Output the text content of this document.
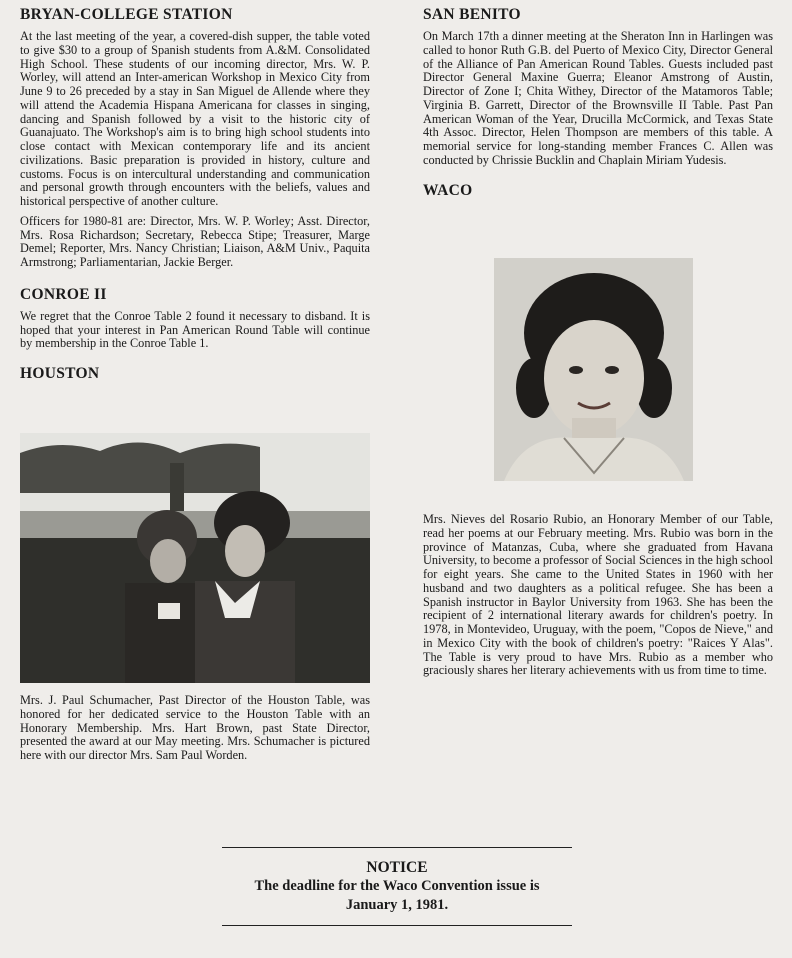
BRYAN-COLLEGE STATION

At the last meeting of the year, a covered-dish supper, the table voted to give $30 to a group of Spanish students from A.&M. Consolidated High School. These students of our incoming director, Mrs. W. P. Worley, will attend an Inter-american Workshop in Mexico City from June 9 to 26 preceded by a stay in San Miguel de Allende where they will attend the Academia Hispana Americana for classes in singing, dancing and Spanish followed by a visit to the historic city of Guanajuato. The Workshop's aim is to bring high school students into close contact with Mexican contemporary life and its ancient civilizations. Basic preparation is provided in history, culture and customs. Focus is on intercultural understanding and communication and personal growth through encounters with the beliefs, values and historical perspective of another culture.

Officers for 1980-81 are: Director, Mrs. W. P. Worley; Asst. Director, Mrs. Rosa Richardson; Secretary, Rebecca Stipe; Treasurer, Marge Demel; Reporter, Mrs. Nancy Christian; Liaison, A&M Univ., Paquita Armstrong; Parliamentarian, Jackie Berger.

CONROE II

We regret that the Conroe Table 2 found it necessary to disband. It is hoped that your interest in Pan American Round Table will continue by membership in the Conroe Table 1.

HOUSTON

Mrs. J. Paul Schumacher, Past Director of the Houston Table, was honored for her dedicated service to the Houston Table with an Honorary Membership. Mrs. Hart Brown, past State Director, presented the award at our May meeting. Mrs. Schumacher is pictured here with our director Mrs. Sam Paul Worden.

SAN BENITO

On March 17th a dinner meeting at the Sheraton Inn in Harlingen was called to honor Ruth G.B. del Puerto of Mexico City, Director General of the Alliance of Pan American Round Tables. Guests included past Director General Maxine Guerra; Eleanor Amstrong of Austin, Director of Zone I; Chita Withey, Director of the Matamoros Table; Virginia B. Garrett, Director of the Brownsville II Table. Past Pan American Woman of the Year, Drucilla McCormick, and Texas State 4th Assoc. Director, Helen Thompson are members of this table. A memorial service for long-standing member Frances C. Allen was conducted by Chrissie Bucklin and Chaplain Miriam Yudesis.

WACO

Mrs. Nieves del Rosario Rubio, an Honorary Member of our Table, read her poems at our February meeting. Mrs. Rubio was born in the province of Matanzas, Cuba, where she graduated from Havana University, to become a professor of Social Sciences in the high school for eight years. She came to the United States in 1960 with her husband and two daughters as a political refugee. She has been a Spanish instructor in Baylor University from 1963. She has been the recipient of 2 international literary awards for children's poetry. In 1978, in Montevideo, Uruguay, with the poem, "Copos de Nieve," and in Mexico City with the book of children's poetry: "Raices Y Alas". The Table is very proud to have Mrs. Rubio as a member who graciously shares her literary achievements with us from time to time.

NOTICE
The deadline for the Waco Convention issue is
January 1, 1981.
